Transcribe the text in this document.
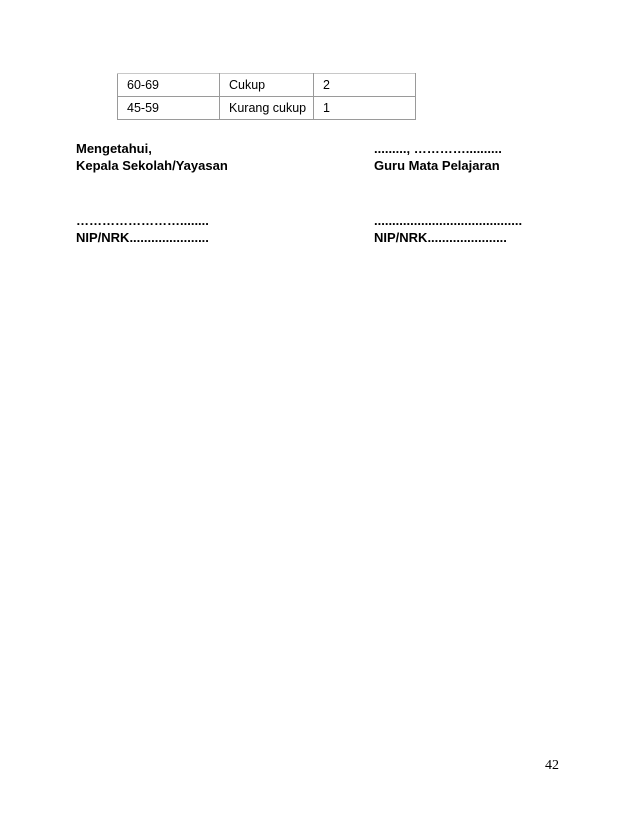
60-69	Cukup	2
45-59	Kurang cukup	1
Mengetahui,
Kepala Sekolah/Yayasan
……………………........
NIP/NRK......................
........., …………..........
Guru Mata Pelajaran
.........................................
NIP/NRK......................
42
